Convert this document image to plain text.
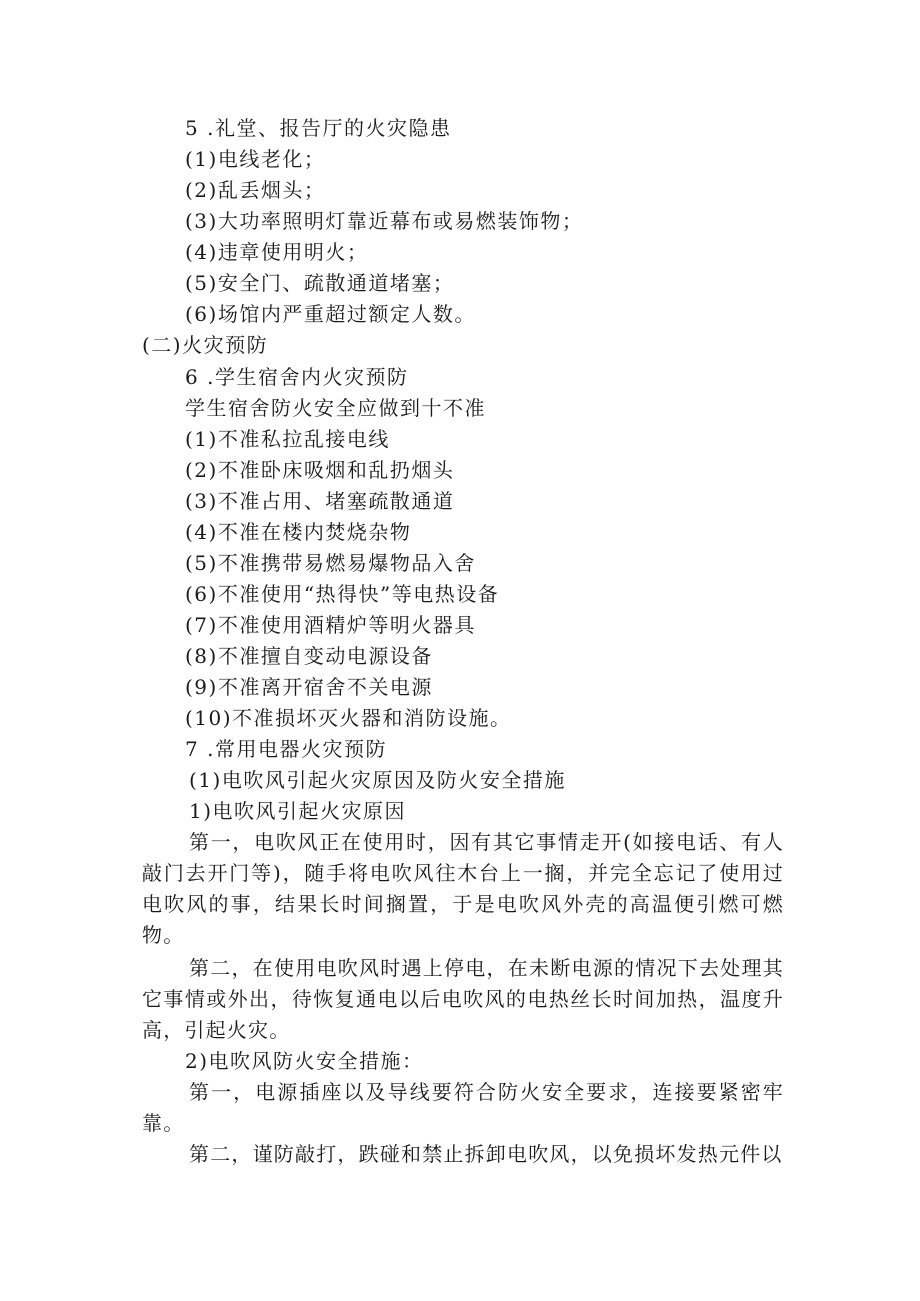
5 .礼堂、报告厅的火灾隐患
(1)电线老化；
(2)乱丢烟头；
(3)大功率照明灯靠近幕布或易燃装饰物；
(4)违章使用明火；
(5)安全门、疏散通道堵塞；
(6)场馆内严重超过额定人数。
(二)火灾预防
6 .学生宿舍内火灾预防
学生宿舍防火安全应做到十不准
(1)不准私拉乱接电线
(2)不准卧床吸烟和乱扔烟头
(3)不准占用、堵塞疏散通道
(4)不准在楼内焚烧杂物
(5)不准携带易燃易爆物品入舍
(6)不准使用“热得快”等电热设备
(7)不准使用酒精炉等明火器具
(8)不准擅自变动电源设备
(9)不准离开宿舍不关电源
(10)不准损坏灭火器和消防设施。
7 .常用电器火灾预防
(1)电吹风引起火灾原因及防火安全措施
1)电吹风引起火灾原因
第一，电吹风正在使用时，因有其它事情走开(如接电话、有人敲门去开门等)，随手将电吹风往木台上一搁，并完全忘记了使用过电吹风的事，结果长时间搁置，于是电吹风外壳的高温便引燃可燃物。
第二，在使用电吹风时遇上停电，在未断电源的情况下去处理其它事情或外出，待恢复通电以后电吹风的电热丝长时间加热，温度升高，引起火灾。
2)电吹风防火安全措施：
第一，电源插座以及导线要符合防火安全要求，连接要紧密牢靠。
第二，谨防敲打，跌碰和禁止拆卸电吹风，以免损坏发热元件以
